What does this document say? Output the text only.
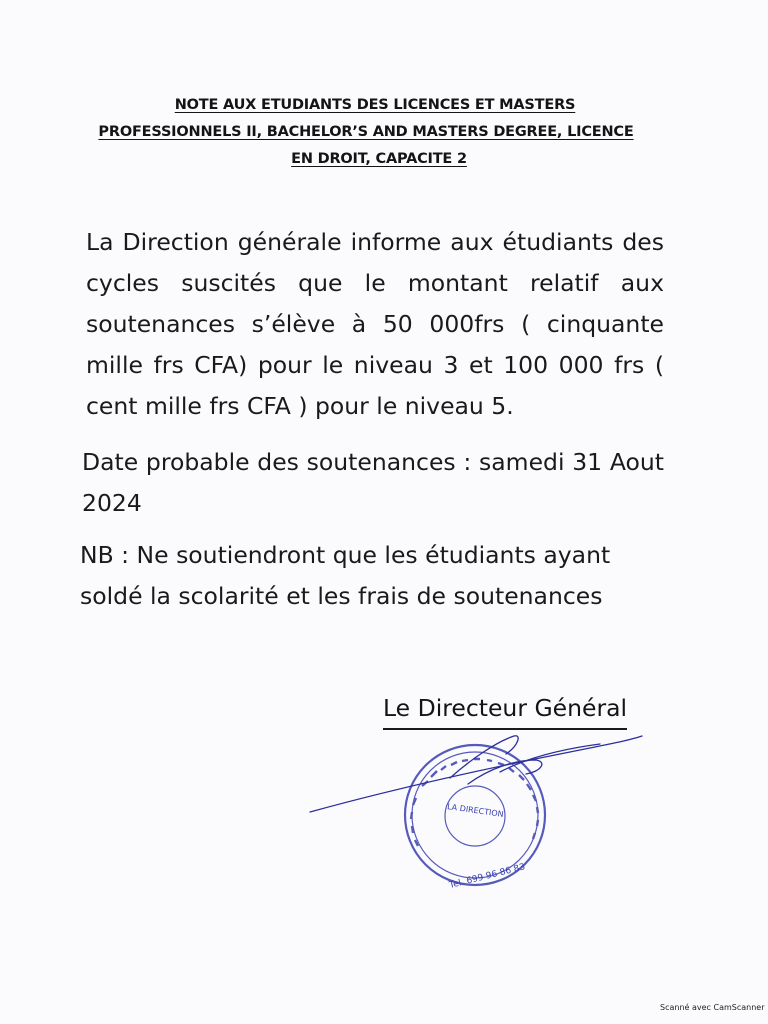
NOTE AUX ETUDIANTS DES LICENCES ET MASTERS
PROFESSIONNELS II, BACHELOR’S AND MASTERS DEGREE, LICENCE
EN DROIT, CAPACITE 2

La Direction générale informe aux étudiants des cycles suscités que le montant relatif aux soutenances s’élève à 50 000frs ( cinquante mille frs CFA) pour le niveau 3 et 100 000 frs ( cent mille frs CFA ) pour le niveau 5.

Date probable des soutenances : samedi 31 Aout 2024

NB : Ne soutiendront que les étudiants ayant soldé la scolarité et les frais de soutenances

Le Directeur Général
LA DIRECTION
Tel. 699 96 86 83
Scanné avec CamScanner
